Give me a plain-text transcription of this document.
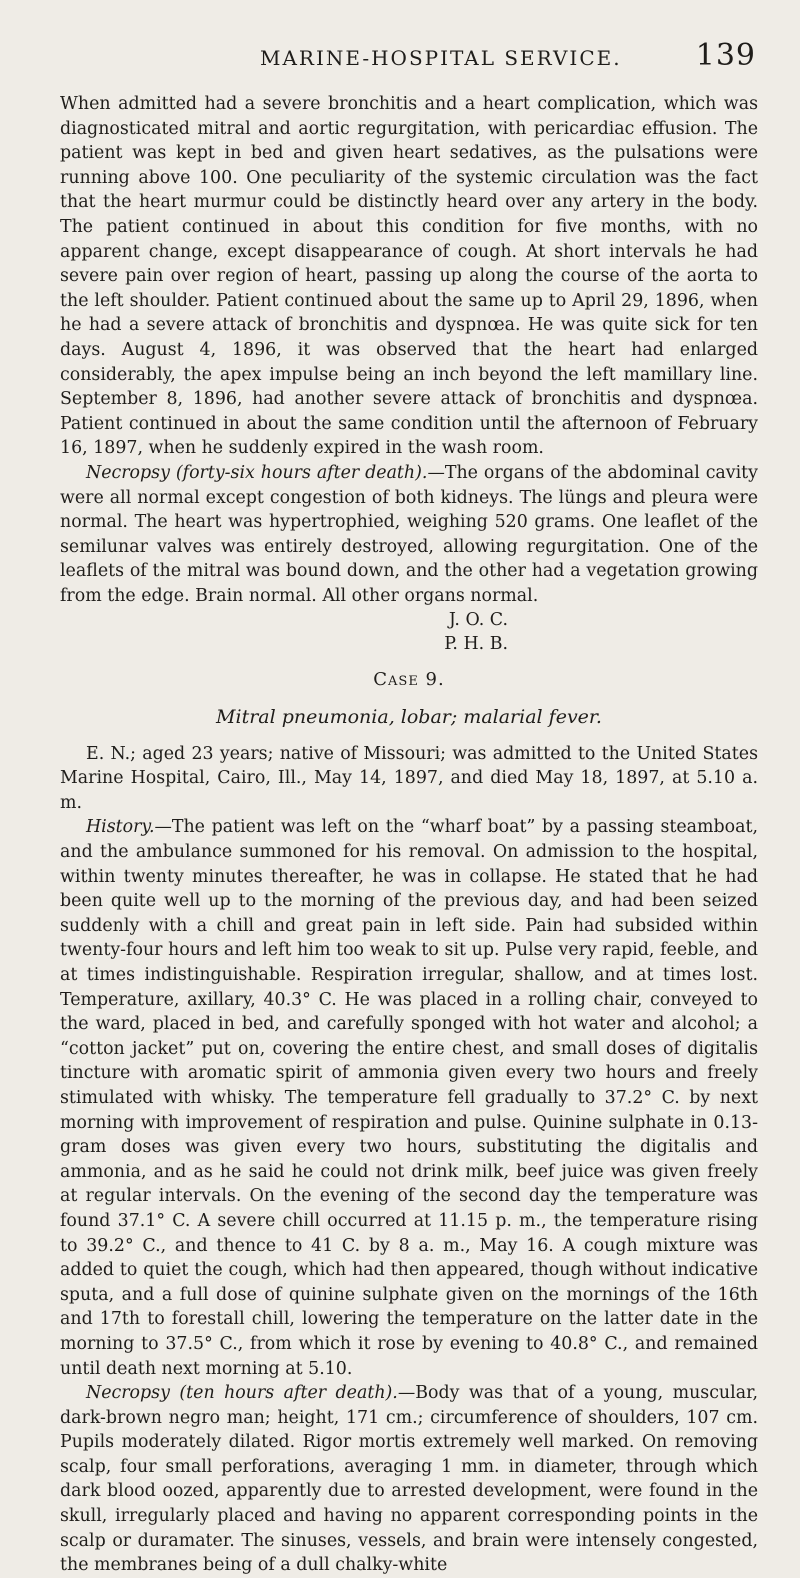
MARINE-HOSPITAL SERVICE. 139

When admitted had a severe bronchitis and a heart complication, which was diagnosticated mitral and aortic regurgitation, with pericardiac effusion. The patient was kept in bed and given heart sedatives, as the pulsations were running above 100. One peculiarity of the systemic circulation was the fact that the heart murmur could be distinctly heard over any artery in the body. The patient continued in about this condition for five months, with no apparent change, except disappearance of cough. At short intervals he had severe pain over region of heart, passing up along the course of the aorta to the left shoulder. Patient continued about the same up to April 29, 1896, when he had a severe attack of bronchitis and dyspnœa. He was quite sick for ten days. August 4, 1896, it was observed that the heart had enlarged considerably, the apex impulse being an inch beyond the left mamillary line. September 8, 1896, had another severe attack of bronchitis and dyspnœa. Patient continued in about the same condition until the afternoon of February 16, 1897, when he suddenly expired in the wash room.

Necropsy (forty-six hours after death).—The organs of the abdominal cavity were all normal except congestion of both kidneys. The lüngs and pleura were normal. The heart was hypertrophied, weighing 520 grams. One leaflet of the semilunar valves was entirely destroyed, allowing regurgitation. One of the leaflets of the mitral was bound down, and the other had a vegetation growing from the edge. Brain normal. All other organs normal.

J. O. C.
P. H. B.
Case 9.
Mitral pneumonia, lobar; malarial fever.

E. N.; aged 23 years; native of Missouri; was admitted to the United States Marine Hospital, Cairo, Ill., May 14, 1897, and died May 18, 1897, at 5.10 a. m.

History.—The patient was left on the “wharf boat” by a passing steamboat, and the ambulance summoned for his removal. On admission to the hospital, within twenty minutes thereafter, he was in collapse. He stated that he had been quite well up to the morning of the previous day, and had been seized suddenly with a chill and great pain in left side. Pain had subsided within twenty-four hours and left him too weak to sit up. Pulse very rapid, feeble, and at times indistinguishable. Respiration irregular, shallow, and at times lost. Temperature, axillary, 40.3° C. He was placed in a rolling chair, conveyed to the ward, placed in bed, and carefully sponged with hot water and alcohol; a “cotton jacket” put on, covering the entire chest, and small doses of digitalis tincture with aromatic spirit of ammonia given every two hours and freely stimulated with whisky. The temperature fell gradually to 37.2° C. by next morning with improvement of respiration and pulse. Quinine sulphate in 0.13-gram doses was given every two hours, substituting the digitalis and ammonia, and as he said he could not drink milk, beef juice was given freely at regular intervals. On the evening of the second day the temperature was found 37.1° C. A severe chill occurred at 11.15 p. m., the temperature rising to 39.2° C., and thence to 41 C. by 8 a. m., May 16. A cough mixture was added to quiet the cough, which had then appeared, though without indicative sputa, and a full dose of quinine sulphate given on the mornings of the 16th and 17th to forestall chill, lowering the temperature on the latter date in the morning to 37.5° C., from which it rose by evening to 40.8° C., and remained until death next morning at 5.10.

Necropsy (ten hours after death).—Body was that of a young, muscular, dark-brown negro man; height, 171 cm.; circumference of shoulders, 107 cm. Pupils moderately dilated. Rigor mortis extremely well marked. On removing scalp, four small perforations, averaging 1 mm. in diameter, through which dark blood oozed, apparently due to arrested development, were found in the skull, irregularly placed and having no apparent corresponding points in the scalp or duramater. The sinuses, vessels, and brain were intensely congested, the membranes being of a dull chalky-white
